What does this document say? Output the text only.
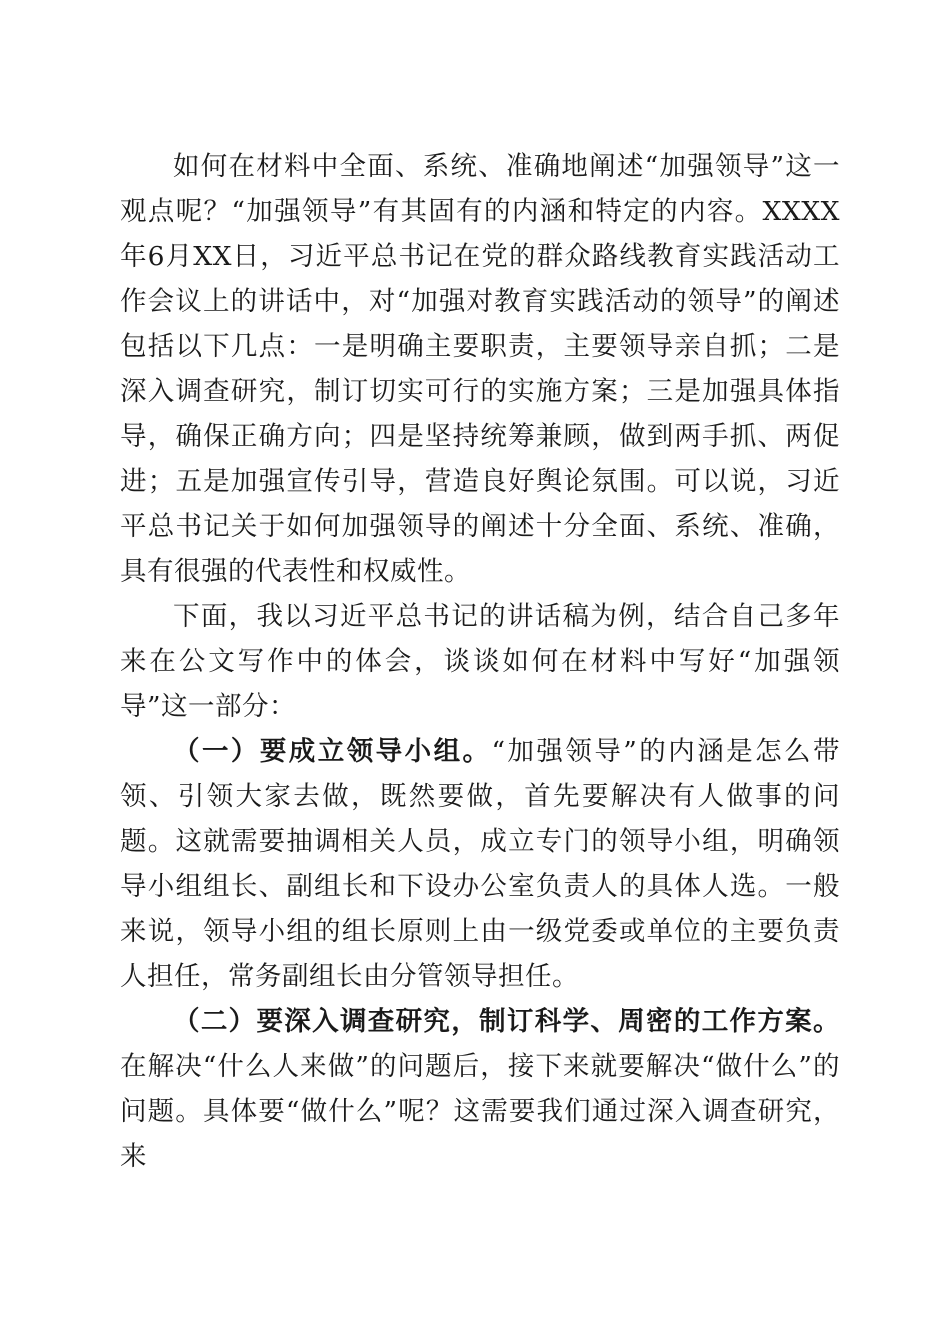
如何在材料中全面、系统、准确地阐述“加强领导”这一观点呢？“加强领导”有其固有的内涵和特定的内容。XXXX年6月XX日，习近平总书记在党的群众路线教育实践活动工作会议上的讲话中，对“加强对教育实践活动的领导”的阐述包括以下几点：一是明确主要职责，主要领导亲自抓；二是深入调查研究，制订切实可行的实施方案；三是加强具体指导，确保正确方向；四是坚持统筹兼顾，做到两手抓、两促进；五是加强宣传引导，营造良好舆论氛围。可以说，习近平总书记关于如何加强领导的阐述十分全面、系统、准确，具有很强的代表性和权威性。

下面，我以习近平总书记的讲话稿为例，结合自己多年来在公文写作中的体会，谈谈如何在材料中写好“加强领导”这一部分：

（一）要成立领导小组。“加强领导”的内涵是怎么带领、引领大家去做，既然要做，首先要解决有人做事的问题。这就需要抽调相关人员，成立专门的领导小组，明确领导小组组长、副组长和下设办公室负责人的具体人选。一般来说，领导小组的组长原则上由一级党委或单位的主要负责人担任，常务副组长由分管领导担任。

（二）要深入调查研究，制订科学、周密的工作方案。在解决“什么人来做”的问题后，接下来就要解决“做什么”的问题。具体要“做什么”呢？这需要我们通过深入调查研究，来
